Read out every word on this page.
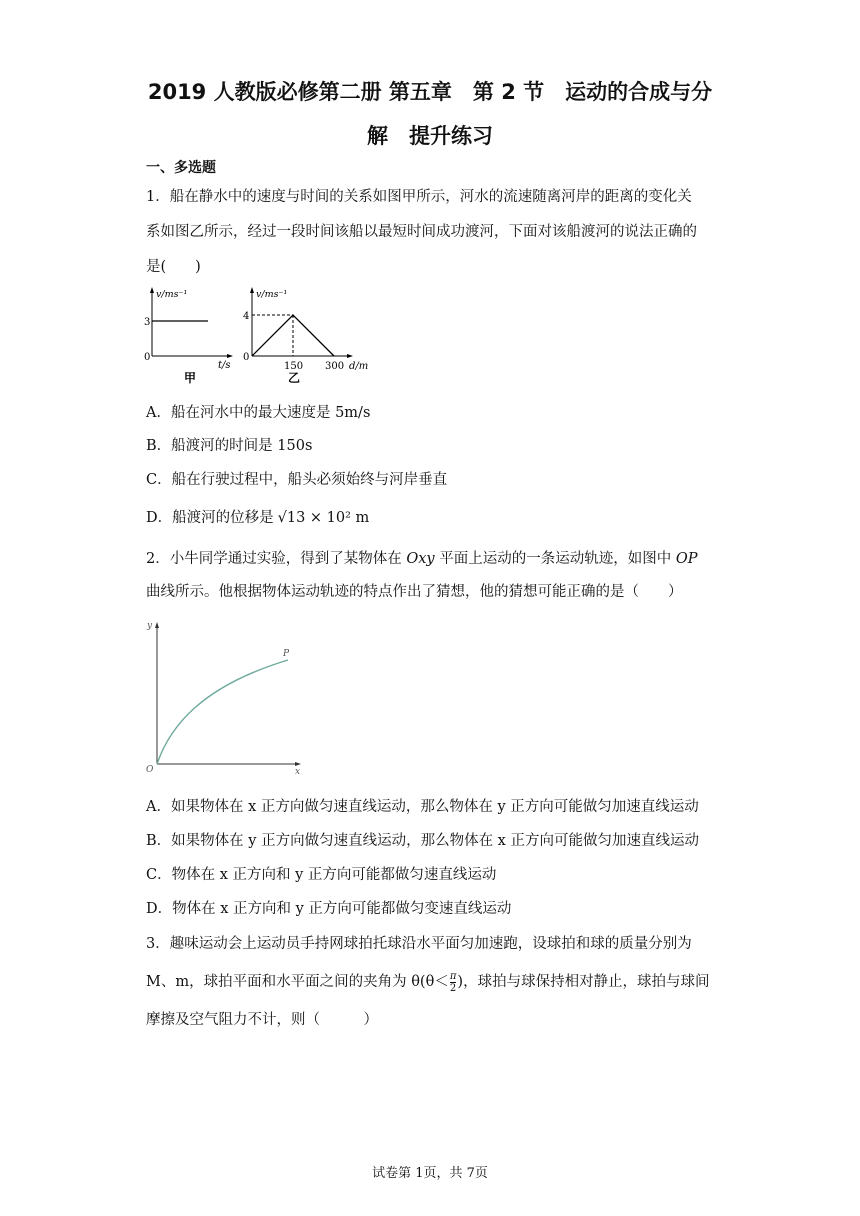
2019 人教版必修第二册 第五章　第 2 节　运动的合成与分
解　提升练习
一、多选题
1．船在静水中的速度与时间的关系如图甲所示，河水的流速随离河岸的距离的变化关
系如图乙所示，经过一段时间该船以最短时间成功渡河，下面对该船渡河的说法正确的
是(　　)
v/ms⁻¹
3
0
t/s
甲
v/ms⁻¹
4
0
150 300 d/m
乙
A．船在河水中的最大速度是 5m/s
B．船渡河的时间是 150s
C．船在行驶过程中，船头必须始终与河岸垂直
D．船渡河的位移是 √13 × 10² m
2．小牛同学通过实验，得到了某物体在 Oxy 平面上运动的一条运动轨迹，如图中 OP
曲线所示。他根据物体运动轨迹的特点作出了猜想，他的猜想可能正确的是（　　）
y
x
O
P
A．如果物体在 x 正方向做匀速直线运动，那么物体在 y 正方向可能做匀加速直线运动
B．如果物体在 y 正方向做匀速直线运动，那么物体在 x 正方向可能做匀加速直线运动
C．物体在 x 正方向和 y 正方向可能都做匀速直线运动
D．物体在 x 正方向和 y 正方向可能都做匀变速直线运动
3．趣味运动会上运动员手持网球拍托球沿水平面匀加速跑，设球拍和球的质量分别为
M、m，球拍平面和水平面之间的夹角为 $\theta(\theta< \frac{\pi}{2}$ )，球拍与球保持相对静止，球拍与球间
摩擦及空气阻力不计，则（　　　）
试卷第 1页，共 7页
